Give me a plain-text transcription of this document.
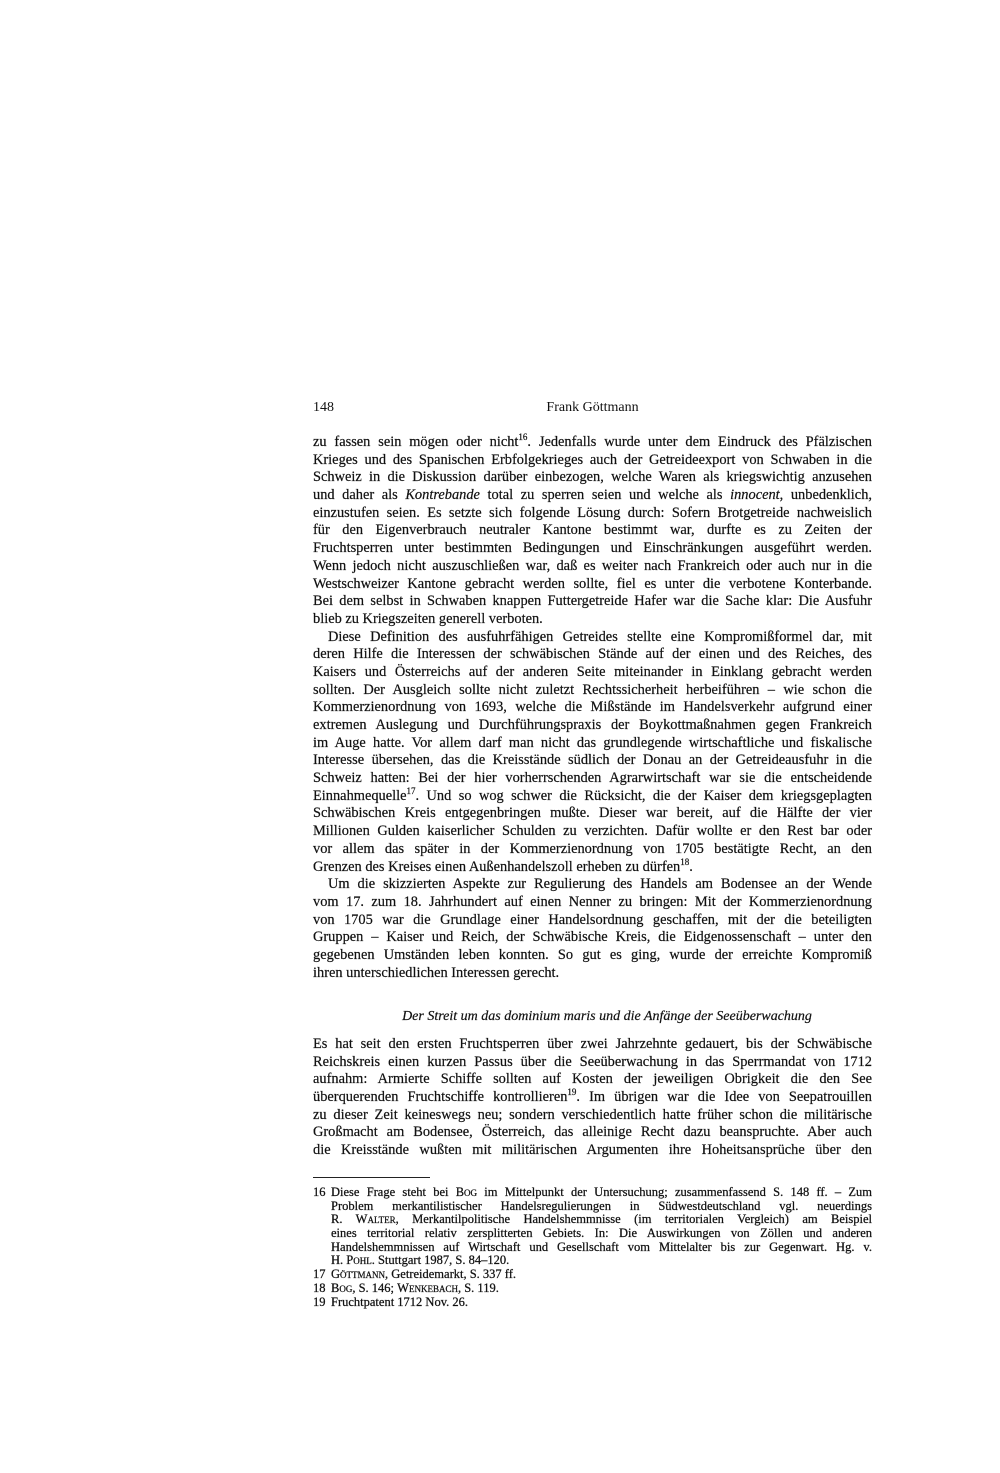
148	Frank Göttmann
zu fassen sein mögen oder nicht$^{16}$. Jedenfalls wurde unter dem Eindruck des Pfälzischen
Krieges und des Spanischen Erbfolgekrieges auch der Getreideexport von Schwaben in die
Schweiz in die Diskussion darüber einbezogen, welche Waren als kriegswichtig anzusehen
und daher als Kontrebande total zu sperren seien und welche als innocent, unbedenklich,
einzustufen seien. Es setzte sich folgende Lösung durch: Sofern Brotgetreide nachweislich
für den Eigenverbrauch neutraler Kantone bestimmt war, durfte es zu Zeiten der
Fruchtsperren unter bestimmten Bedingungen und Einschränkungen ausgeführt werden.
Wenn jedoch nicht auszuschließen war, daß es weiter nach Frankreich oder auch nur in die
Westschweizer Kantone gebracht werden sollte, fiel es unter die verbotene Konterbande.
Bei dem selbst in Schwaben knappen Futtergetreide Hafer war die Sache klar: Die Ausfuhr
blieb zu Kriegszeiten generell verboten.
Diese Definition des ausfuhrfähigen Getreides stellte eine Kompromißformel dar, mit
deren Hilfe die Interessen der schwäbischen Stände auf der einen und des Reiches, des
Kaisers und Österreichs auf der anderen Seite miteinander in Einklang gebracht werden
sollten. Der Ausgleich sollte nicht zuletzt Rechtssicherheit herbeiführen – wie schon die
Kommerzienordnung von 1693, welche die Mißstände im Handelsverkehr aufgrund einer
extremen Auslegung und Durchführungspraxis der Boykottmaßnahmen gegen Frankreich
im Auge hatte. Vor allem darf man nicht das grundlegende wirtschaftliche und fiskalische
Interesse übersehen, das die Kreisstände südlich der Donau an der Getreideausfuhr in die
Schweiz hatten: Bei der hier vorherrschenden Agrarwirtschaft war sie die entscheidende
Einnahmequelle$^{17}$. Und so wog schwer die Rücksicht, die der Kaiser dem kriegsgeplagten
Schwäbischen Kreis entgegenbringen mußte. Dieser war bereit, auf die Hälfte der vier
Millionen Gulden kaiserlicher Schulden zu verzichten. Dafür wollte er den Rest bar oder
vor allem das später in der Kommerzienordnung von 1705 bestätigte Recht, an den
Grenzen des Kreises einen Außenhandelszoll erheben zu dürfen$^{18}$.
Um die skizzierten Aspekte zur Regulierung des Handels am Bodensee an der Wende
vom 17. zum 18. Jahrhundert auf einen Nenner zu bringen: Mit der Kommerzienordnung
von 1705 war die Grundlage einer Handelsordnung geschaffen, mit der die beteiligten
Gruppen – Kaiser und Reich, der Schwäbische Kreis, die Eidgenossenschaft – unter den
gegebenen Umständen leben konnten. So gut es ging, wurde der erreichte Kompromiß
ihren unterschiedlichen Interessen gerecht.
Der Streit um das dominium maris und die Anfänge der Seeüberwachung
Es hat seit den ersten Fruchtsperren über zwei Jahrzehnte gedauert, bis der Schwäbische
Reichskreis einen kurzen Passus über die Seeüberwachung in das Sperrmandat von 1712
aufnahm: Armierte Schiffe sollten auf Kosten der jeweiligen Obrigkeit die den See
überquerenden Fruchtschiffe kontrollieren$^{19}$. Im übrigen war die Idee von Seepatrouillen
zu dieser Zeit keineswegs neu; sondern verschiedentlich hatte früher schon die militärische
Großmacht am Bodensee, Österreich, das alleinige Recht dazu beanspruchte. Aber auch
die Kreisstände wußten mit militärischen Argumenten ihre Hoheitsansprüche über den
16 Diese Frage steht bei Bog im Mittelpunkt der Untersuchung; zusammenfassend S. 148 ff. – Zum
Problem merkantilistischer Handelsregulierungen in Südwestdeutschland vgl. neuerdings
R. Walter, Merkantilpolitische Handelshemmnisse (im territorialen Vergleich) am Beispiel
eines territorial relativ zersplitterten Gebiets. In: Die Auswirkungen von Zöllen und anderen
Handelshemmnissen auf Wirtschaft und Gesellschaft vom Mittelalter bis zur Gegenwart. Hg. v.
H. Pohl. Stuttgart 1987, S. 84–120.
17 Göttmann, Getreidemarkt, S. 337 ff.
18 Bog, S. 146; Wenkebach, S. 119.
19 Fruchtpatent 1712 Nov. 26.
